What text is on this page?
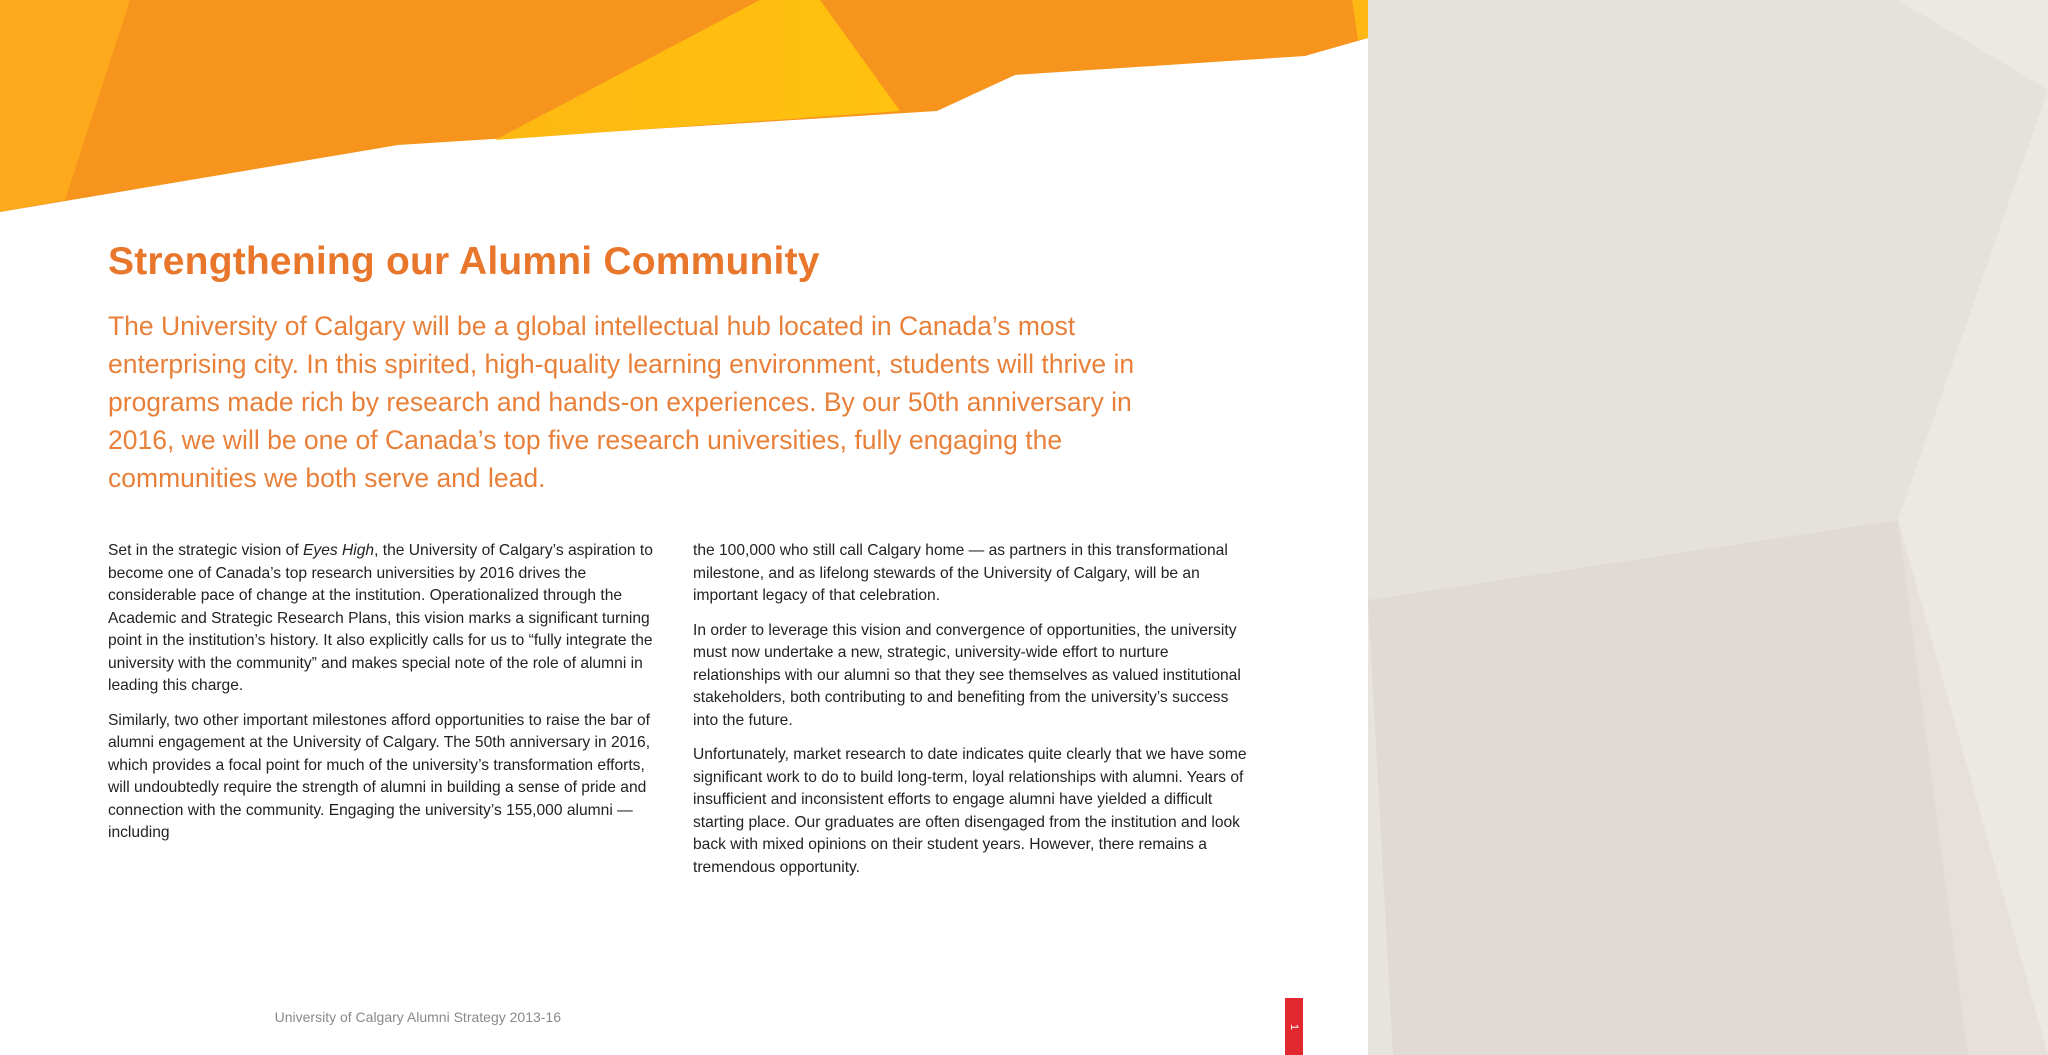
Strengthening our Alumni Community

The University of Calgary will be a global intellectual hub located in Canada’s most enterprising city. In this spirited, high-quality learning environment, students will thrive in programs made rich by research and hands-on experiences. By our 50th anniversary in 2016, we will be one of Canada’s top five research universities, fully engaging the communities we both serve and lead.

Set in the strategic vision of Eyes High, the University of Calgary’s aspiration to become one of Canada’s top research universities by 2016 drives the considerable pace of change at the institution. Operationalized through the Academic and Strategic Research Plans, this vision marks a significant turning point in the institution’s history. It also explicitly calls for us to “fully integrate the university with the community” and makes special note of the role of alumni in leading this charge.

Similarly, two other important milestones afford opportunities to raise the bar of alumni engagement at the University of Calgary. The 50th anniversary in 2016, which provides a focal point for much of the university’s transformation efforts, will undoubtedly require the strength of alumni in building a sense of pride and connection with the community. Engaging the university’s 155,000 alumni — including

the 100,000 who still call Calgary home — as partners in this transformational milestone, and as lifelong stewards of the University of Calgary, will be an important legacy of that celebration.

In order to leverage this vision and convergence of opportunities, the university must now undertake a new, strategic, university-wide effort to nurture relationships with our alumni so that they see themselves as valued institutional stakeholders, both contributing to and benefiting from the university’s success into the future.

Unfortunately, market research to date indicates quite clearly that we have some significant work to do to build long-term, loyal relationships with alumni. Years of insufficient and inconsistent efforts to engage alumni have yielded a difficult starting place. Our graduates are often disengaged from the institution and look back with mixed opinions on their student years. However, there remains a tremendous opportunity.

University of Calgary Alumni Strategy 2013-16
1
